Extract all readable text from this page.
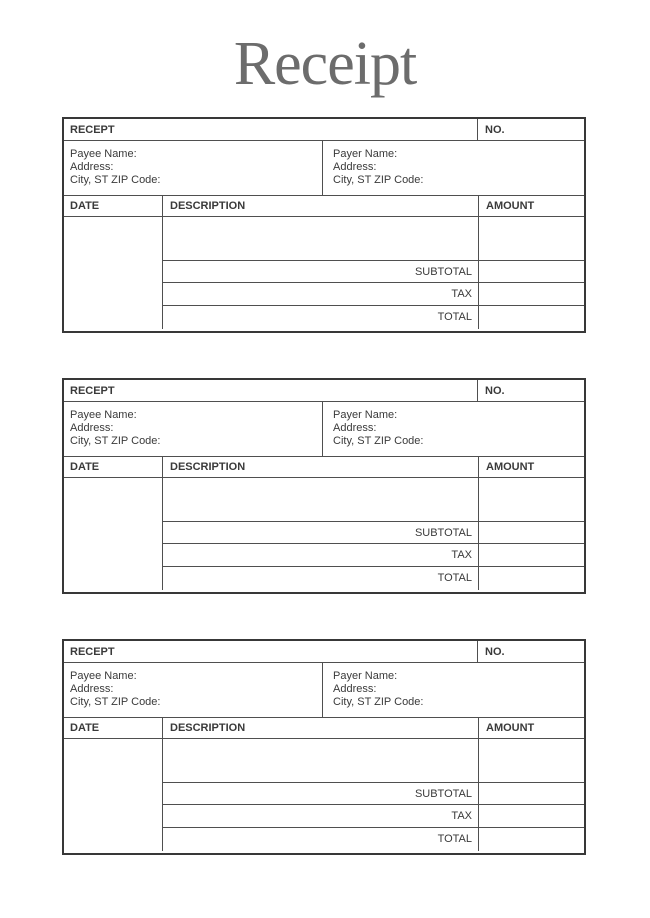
Receipt
RECEPT	NO.
Payee Name:
Address:
City, ST ZIP Code:
Payer Name:
Address:
City, ST ZIP Code:
DATE	DESCRIPTION	AMOUNT
SUBTOTAL
TAX
TOTAL
RECEPT	NO.
Payee Name:
Address:
City, ST ZIP Code:
Payer Name:
Address:
City, ST ZIP Code:
DATE	DESCRIPTION	AMOUNT
SUBTOTAL
TAX
TOTAL
RECEPT	NO.
Payee Name:
Address:
City, ST ZIP Code:
Payer Name:
Address:
City, ST ZIP Code:
DATE	DESCRIPTION	AMOUNT
SUBTOTAL
TAX
TOTAL
